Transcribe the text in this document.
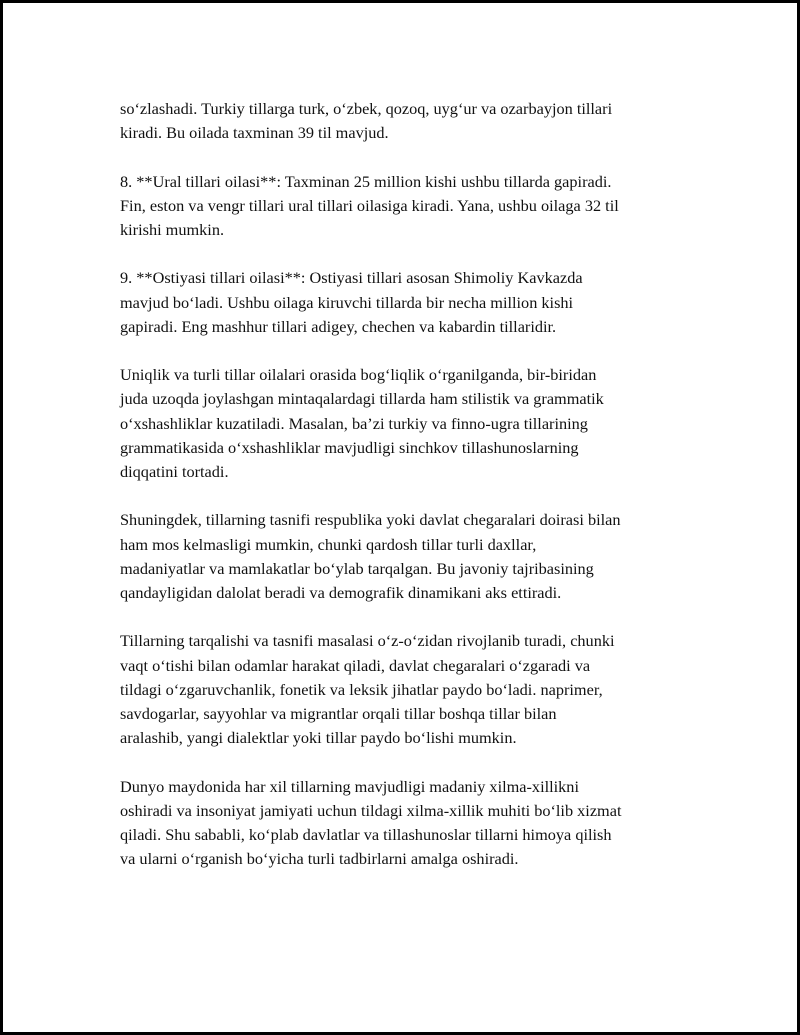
so‘zlashadi. Turkiy tillarga turk, o‘zbek, qozoq, uyg‘ur va ozarbayjon tillari
kiradi. Bu oilada taxminan 39 til mavjud.

8. **Ural tillari oilasi**: Taxminan 25 million kishi ushbu tillarda gapiradi.
Fin, eston va vengr tillari ural tillari oilasiga kiradi. Yana, ushbu oilaga 32 til
kirishi mumkin.

9. **Ostiyasi tillari oilasi**: Ostiyasi tillari asosan Shimoliy Kavkazda
mavjud bo‘ladi. Ushbu oilaga kiruvchi tillarda bir necha million kishi
gapiradi. Eng mashhur tillari adigey, chechen va kabardin tillaridir.

Uniqlik va turli tillar oilalari orasida bog‘liqlik o‘rganilganda, bir-biridan
juda uzoqda joylashgan mintaqalardagi tillarda ham stilistik va grammatik
o‘xshashliklar kuzatiladi. Masalan, ba’zi turkiy va finno-ugra tillarining
grammatikasida o‘xshashliklar mavjudligi sinchkov tillashunoslarning
diqqatini tortadi.

Shuningdek, tillarning tasnifi respublika yoki davlat chegaralari doirasi bilan
ham mos kelmasligi mumkin, chunki qardosh tillar turli daxllar,
madaniyatlar va mamlakatlar bo‘ylab tarqalgan. Bu javoniy tajribasining
qandayligidan dalolat beradi va demografik dinamikani aks ettiradi.

Tillarning tarqalishi va tasnifi masalasi o‘z-o‘zidan rivojlanib turadi, chunki
vaqt o‘tishi bilan odamlar harakat qiladi, davlat chegaralari o‘zgaradi va
tildagi o‘zgaruvchanlik, fonetik va leksik jihatlar paydo bo‘ladi. naprimer,
savdogarlar, sayyohlar va migrantlar orqali tillar boshqa tillar bilan
aralashib, yangi dialektlar yoki tillar paydo bo‘lishi mumkin.

Dunyo maydonida har xil tillarning mavjudligi madaniy xilma-xillikni
oshiradi va insoniyat jamiyati uchun tildagi xilma-xillik muhiti bo‘lib xizmat
qiladi. Shu sababli, ko‘plab davlatlar va tillashunoslar tillarni himoya qilish
va ularni o‘rganish bo‘yicha turli tadbirlarni amalga oshiradi.
